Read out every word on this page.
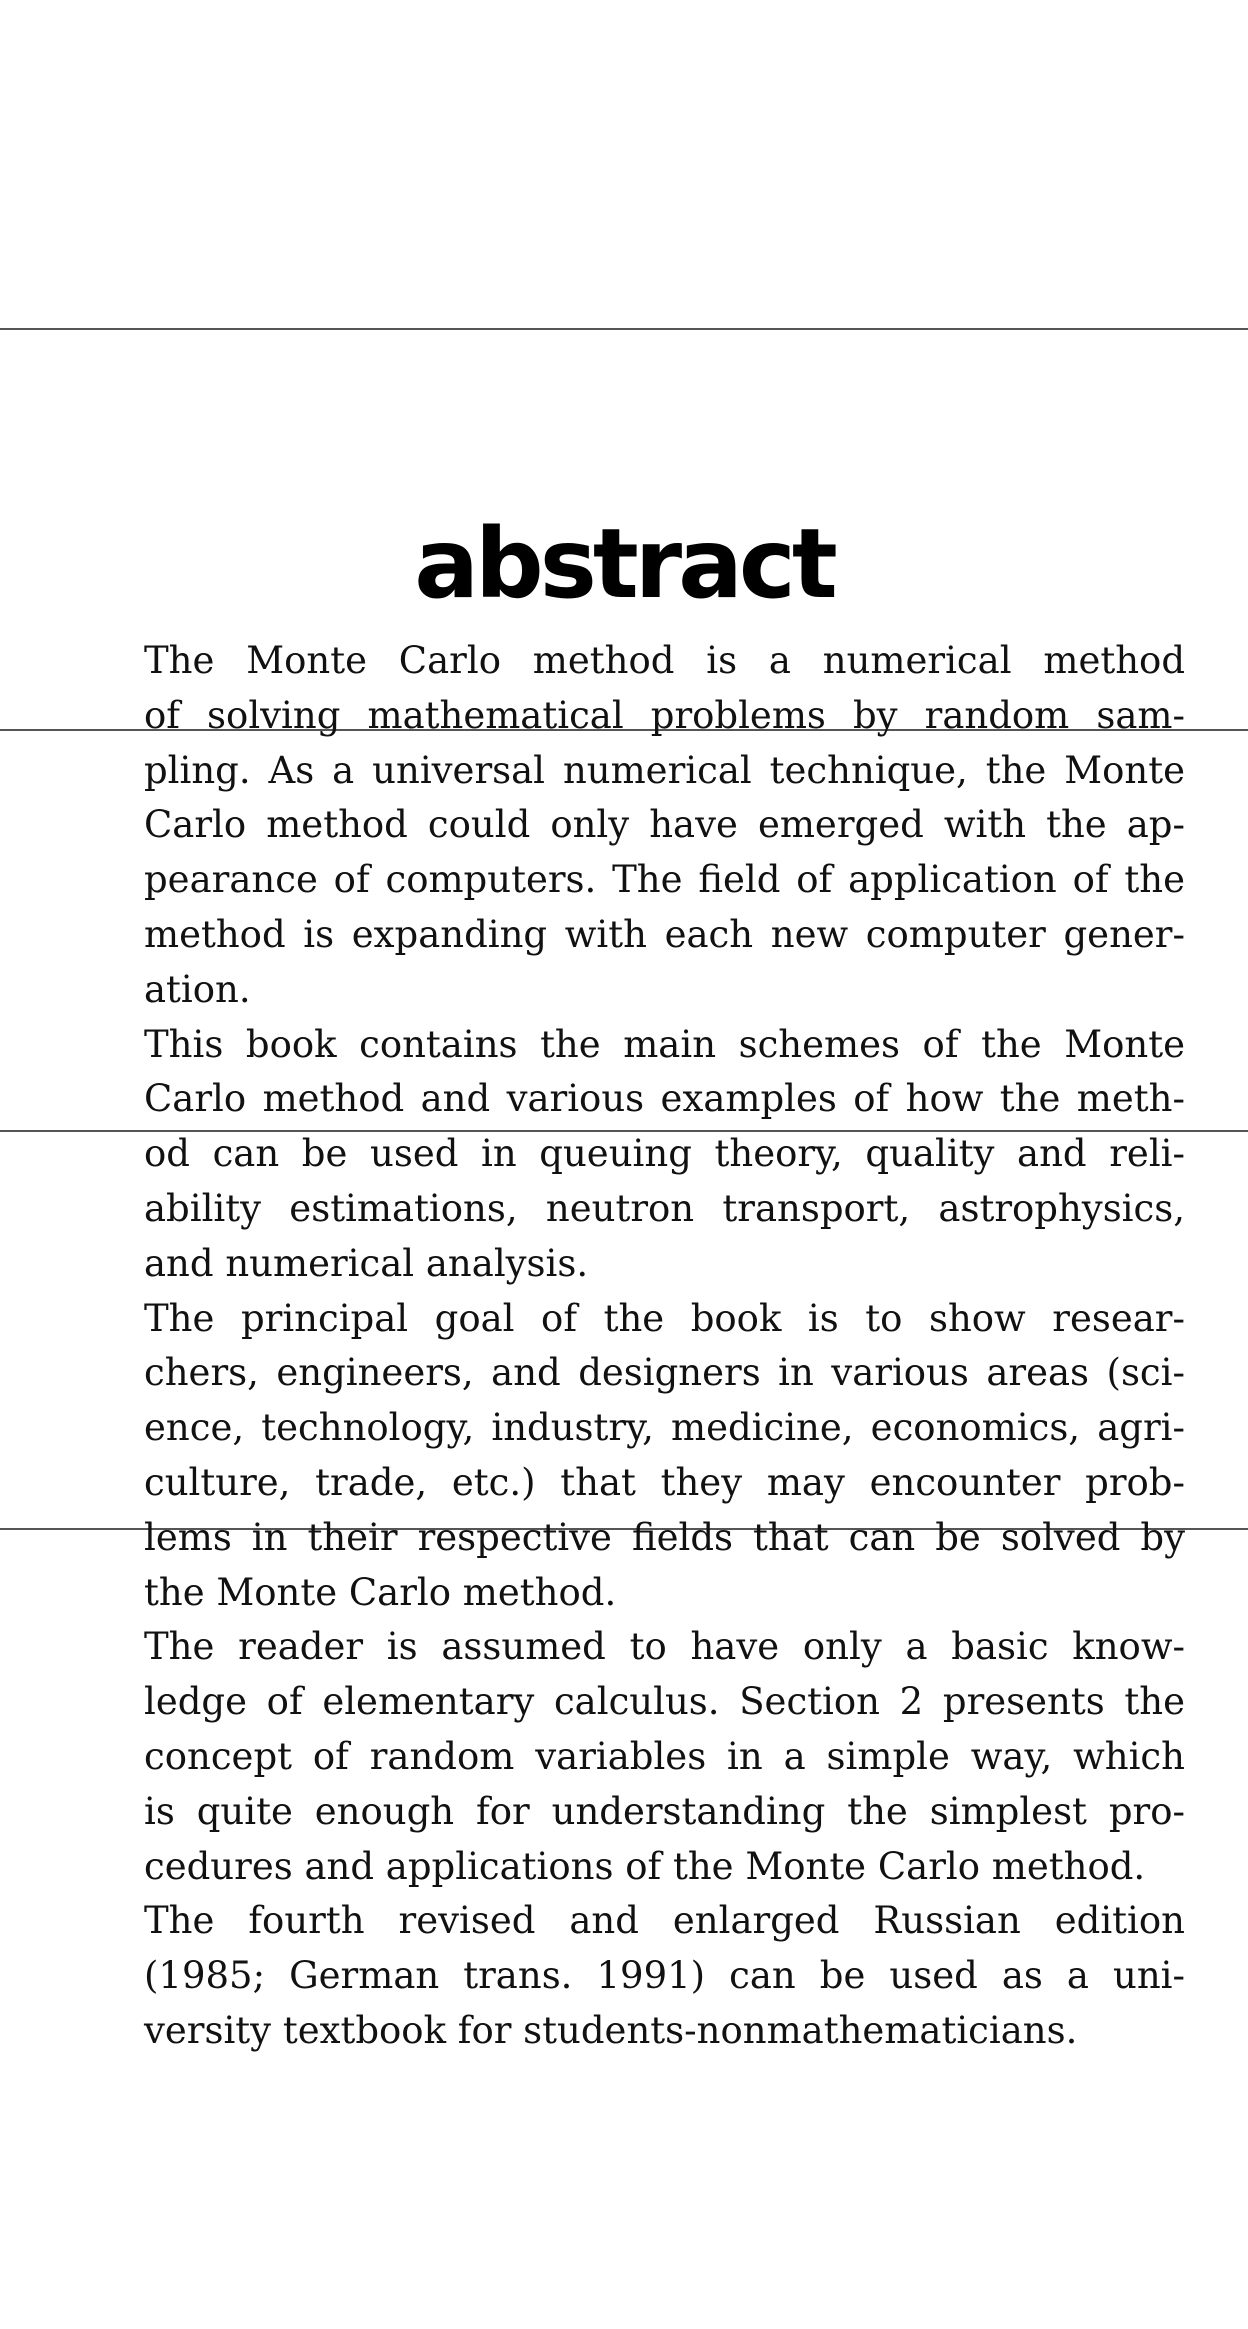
abstract

The Monte Carlo method is a numerical method
of solving mathematical problems by random sam-
pling. As a universal numerical technique, the Monte
Carlo method could only have emerged with the ap-
pearance of computers. The field of application of the
method is expanding with each new computer gener-
ation.

This book contains the main schemes of the Monte
Carlo method and various examples of how the meth-
od can be used in queuing theory, quality and reli-
ability estimations, neutron transport, astrophysics,
and numerical analysis.

The principal goal of the book is to show resear-
chers, engineers, and designers in various areas (sci-
ence, technology, industry, medicine, economics, agri-
culture, trade, etc.) that they may encounter prob-
lems in their respective fields that can be solved by
the Monte Carlo method.

The reader is assumed to have only a basic know-
ledge of elementary calculus. Section 2 presents the
concept of random variables in a simple way, which
is quite enough for understanding the simplest pro-
cedures and applications of the Monte Carlo method.

The fourth revised and enlarged Russian edition
(1985; German trans. 1991) can be used as a uni-
versity textbook for students-nonmathematicians.
